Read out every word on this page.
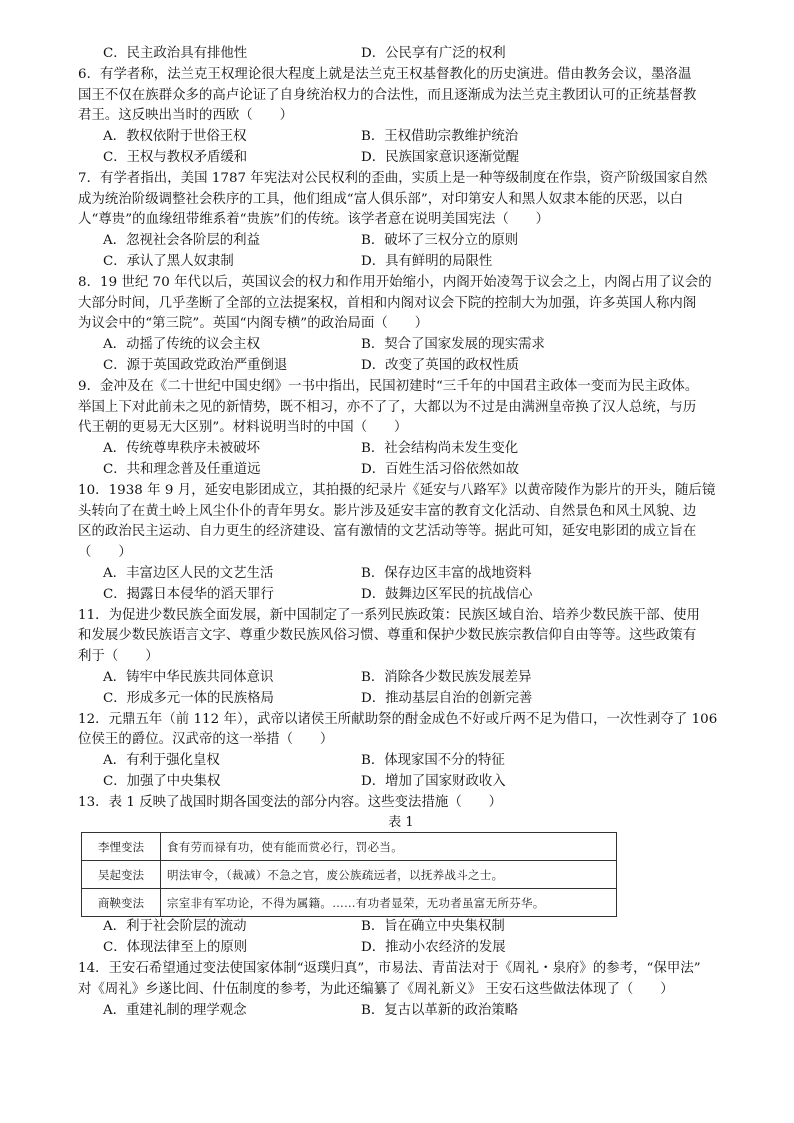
C．民主政治具有排他性	D．公民享有广泛的权利
6．有学者称，法兰克王权理论很大程度上就是法兰克王权基督教化的历史演进。借由教务会议，墨洛温
国王不仅在族群众多的高卢论证了自身统治权力的合法性，而且逐渐成为法兰克主教团认可的正统基督教
君王。这反映出当时的西欧（　　）
A．教权依附于世俗王权	B．王权借助宗教维护统治
C．王权与教权矛盾缓和	D．民族国家意识逐渐觉醒
7．有学者指出，美国 1787 年宪法对公民权利的歪曲，实质上是一种等级制度在作祟，资产阶级国家自然
成为统治阶级调整社会秩序的工具，他们组成“富人俱乐部”，对印第安人和黑人奴隶本能的厌恶，以白
人“尊贵”的血缘纽带维系着“贵族”们的传统。该学者意在说明美国宪法（　　）
A．忽视社会各阶层的利益	B．破坏了三权分立的原则
C．承认了黑人奴隶制	D．具有鲜明的局限性
8．19 世纪 70 年代以后，英国议会的权力和作用开始缩小，内阁开始凌驾于议会之上，内阁占用了议会的
大部分时间，几乎垄断了全部的立法提案权，首相和内阁对议会下院的控制大为加强，许多英国人称内阁
为议会中的“第三院”。英国“内阁专横”的政治局面（　　）
A．动摇了传统的议会主权	B．契合了国家发展的现实需求
C．源于英国政党政治严重倒退	D．改变了英国的政权性质
9．金冲及在《二十世纪中国史纲》一书中指出，民国初建时“三千年的中国君主政体一变而为民主政体。
举国上下对此前未之见的新情势，既不相习，亦不了了，大都以为不过是由满洲皇帝换了汉人总统，与历
代王朝的更易无大区别”。材料说明当时的中国（　　）
A．传统尊卑秩序未被破坏	B．社会结构尚未发生变化
C．共和理念普及任重道远	D．百姓生活习俗依然如故
10．1938 年 9 月，延安电影团成立，其拍摄的纪录片《延安与八路军》以黄帝陵作为影片的开头，随后镜
头转向了在黄土岭上风尘仆仆的青年男女。影片涉及延安丰富的教育文化活动、自然景色和风土风貌、边
区的政治民主运动、自力更生的经济建设、富有激情的文艺活动等等。据此可知，延安电影团的成立旨在
（　　）
A．丰富边区人民的文艺生活	B．保存边区丰富的战地资料
C．揭露日本侵华的滔天罪行	D．鼓舞边区军民的抗战信心
11．为促进少数民族全面发展，新中国制定了一系列民族政策：民族区域自治、培养少数民族干部、使用
和发展少数民族语言文字、尊重少数民族风俗习惯、尊重和保护少数民族宗教信仰自由等等。这些政策有
利于（　　）
A．铸牢中华民族共同体意识	B．消除各少数民族发展差异
C．形成多元一体的民族格局	D．推动基层自治的创新完善
12．元鼎五年（前 112 年），武帝以诸侯王所献助祭的酎金成色不好或斤两不足为借口，一次性剥夺了 106
位侯王的爵位。汉武帝的这一举措（　　）
A．有利于强化皇权	B．体现家国不分的特征
C．加强了中央集权	D．增加了国家财政收入
13．表 1 反映了战国时期各国变法的部分内容。这些变法措施（　　）
表 1
李悝变法	食有劳而禄有功，使有能而赏必行，罚必当。
吴起变法	明法审令，（裁减）不急之官，废公族疏远者，以抚养战斗之士。
商鞅变法	宗室非有军功论，不得为属籍。……有功者显荣，无功者虽富无所芬华。
A．利于社会阶层的流动	B．旨在确立中央集权制
C．体现法律至上的原则	D．推动小农经济的发展
14．王安石希望通过变法使国家体制“返璞归真”，市易法、青苗法对于《周礼・泉府》的参考，“保甲法”
对《周礼》乡遂比闾、什伍制度的参考，为此还编纂了《周礼新义》 王安石这些做法体现了（　　）
A．重建礼制的理学观念	B．复古以革新的政治策略
